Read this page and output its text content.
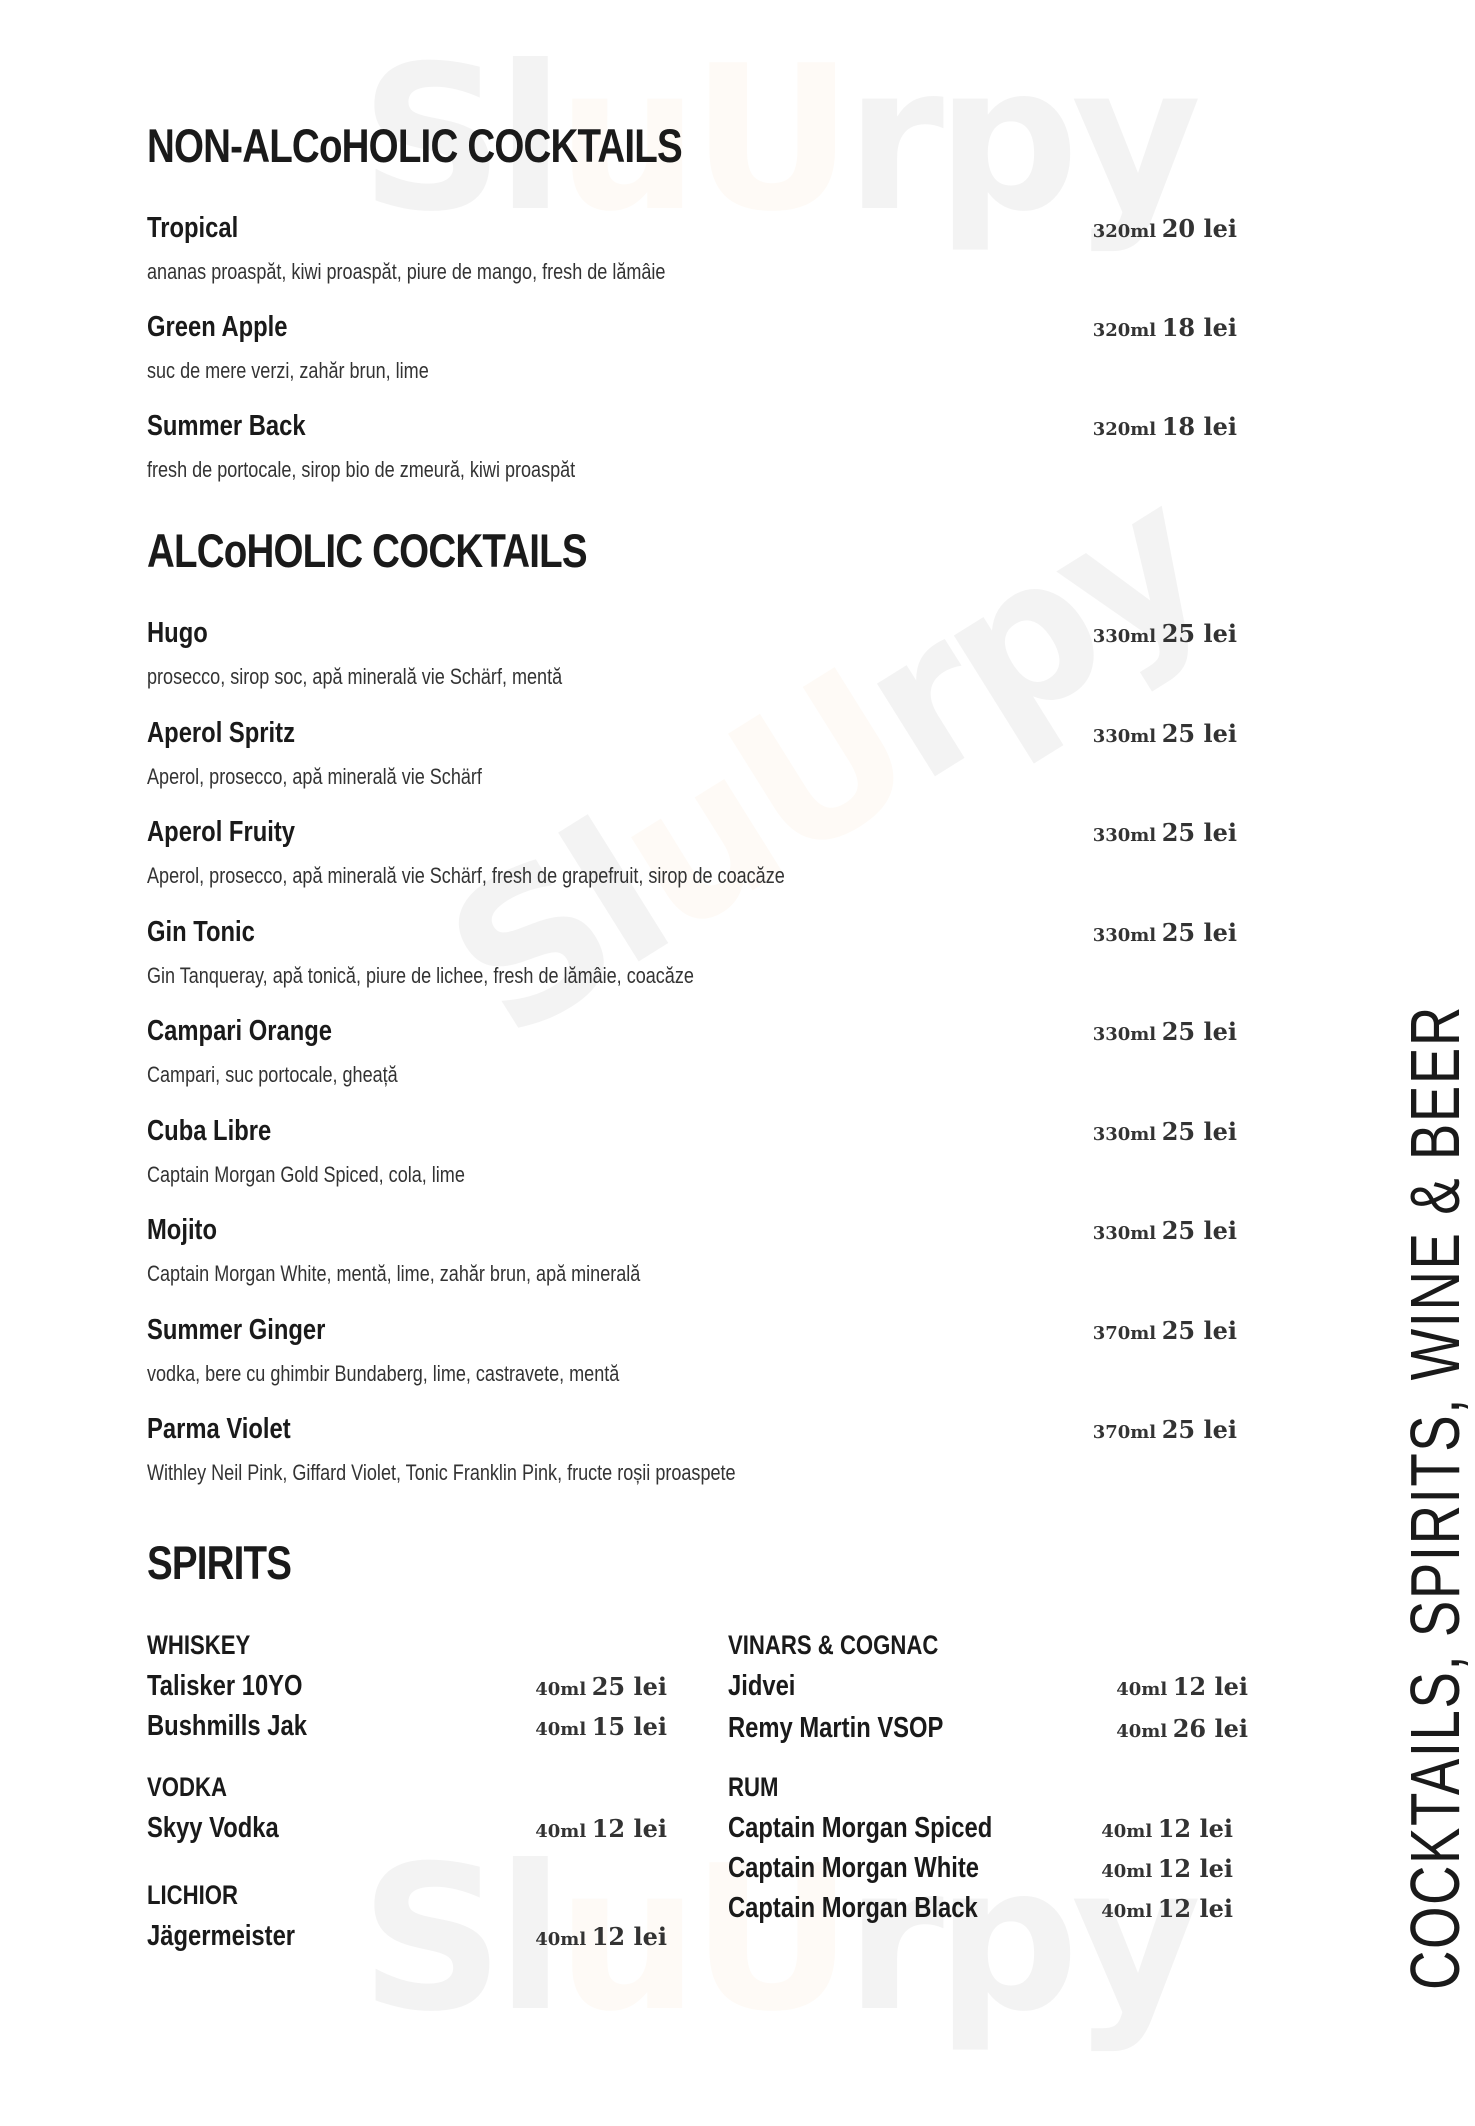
NON-ALCoHOLIC COCKTAILS
Tropical
ananas proaspăt, kiwi proaspăt, piure de mango, fresh de lămâie
320ml 20 lei
Green Apple
suc de mere verzi, zahăr brun, lime
320ml 18 lei
Summer Back
fresh de portocale, sirop bio de zmeură, kiwi proaspăt
320ml 18 lei
ALCoHOLIC COCKTAILS
Hugo
prosecco, sirop soc, apă minerală vie Schärf, mentă
330ml 25 lei
Aperol Spritz
Aperol, prosecco, apă minerală vie Schärf
330ml 25 lei
Aperol Fruity
Aperol, prosecco, apă minerală vie Schärf, fresh de grapefruit, sirop de coacăze
330ml 25 lei
Gin Tonic
Gin Tanqueray, apă tonică, piure de lichee, fresh de lămâie, coacăze
330ml 25 lei
Campari Orange
Campari, suc portocale, gheață
330ml 25 lei
Cuba Libre
Captain Morgan Gold Spiced, cola, lime
330ml 25 lei
Mojito
Captain Morgan White, mentă, lime, zahăr brun, apă minerală
330ml 25 lei
Summer Ginger
vodka, bere cu ghimbir Bundaberg, lime, castravete, mentă
370ml 25 lei
Parma Violet
Withley Neil Pink, Giffard Violet, Tonic Franklin Pink, fructe roșii proaspete
370ml 25 lei
SPIRITS
WHISKEY
Talisker 10YO	40ml 25 lei
Bushmills Jak	40ml 15 lei
VODKA
Skyy Vodka	40ml 12 lei
LICHIOR
Jägermeister	40ml 12 lei
VINARS & COGNAC
Jidvei	40ml 12 lei
Remy Martin VSOP	40ml 26 lei
RUM
Captain Morgan Spiced	40ml 12 lei
Captain Morgan White	40ml 12 lei
Captain Morgan Black	40ml 12 lei COCKTAILS, SPIRITS, WINE & BEER
